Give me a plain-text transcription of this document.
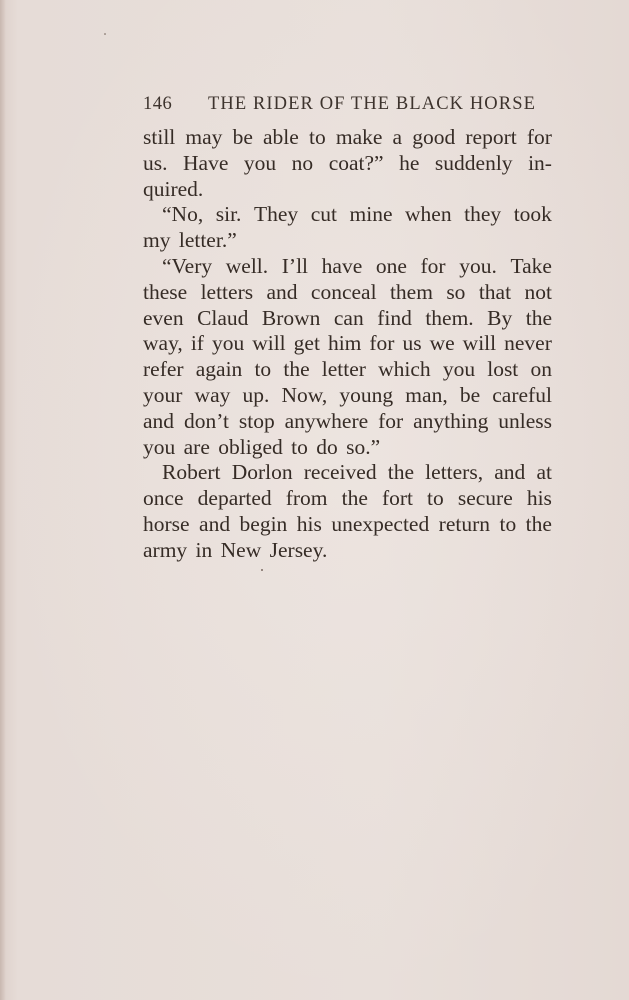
146 THE RIDER OF THE BLACK HORSE
still may be able to make a good report for
us. Have you no coat?” he suddenly in-
quired.
“No, sir. They cut mine when they took
my letter.”
“Very well. I’ll have one for you. Take
these letters and conceal them so that not
even Claud Brown can find them. By the
way, if you will get him for us we will never
refer again to the letter which you lost on
your way up. Now, young man, be careful
and don’t stop anywhere for anything unless
you are obliged to do so.”
Robert Dorlon received the letters, and at
once departed from the fort to secure his
horse and begin his unexpected return to the
army in New Jersey.
